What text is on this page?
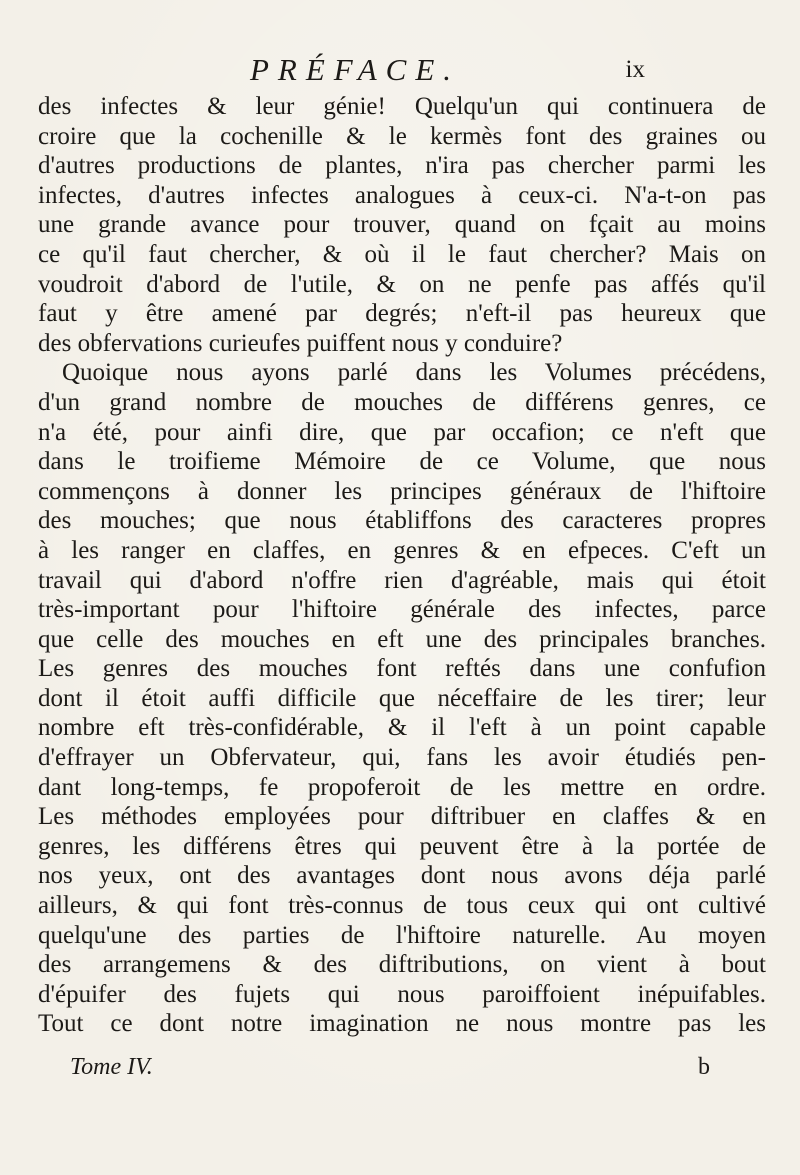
PRÉFACE.	ix
des infectes & leur génie! Quelqu'un qui continuera de
croire que la cochenille & le kermès font des graines ou
d'autres productions de plantes, n'ira pas chercher parmi les
infectes, d'autres infectes analogues à ceux-ci. N'a-t-on pas
une grande avance pour trouver, quand on fçait au moins
ce qu'il faut chercher, & où il le faut chercher? Mais on
voudroit d'abord de l'utile, & on ne penfe pas affés qu'il
faut y être amené par degrés; n'eft-il pas heureux que
des obfervations curieufes puiffent nous y conduire?
Quoique nous ayons parlé dans les Volumes précédens,
d'un grand nombre de mouches de différens genres, ce
n'a été, pour ainfi dire, que par occafion; ce n'eft que
dans le troifieme Mémoire de ce Volume, que nous
commençons à donner les principes généraux de l'hiftoire
des mouches; que nous établiffons des caracteres propres
à les ranger en claffes, en genres & en efpeces. C'eft un
travail qui d'abord n'offre rien d'agréable, mais qui étoit
très-important pour l'hiftoire générale des infectes, parce
que celle des mouches en eft une des principales branches.
Les genres des mouches font reftés dans une confufion
dont il étoit auffi difficile que néceffaire de les tirer; leur
nombre eft très-confidérable, & il l'eft à un point capable
d'effrayer un Obfervateur, qui, fans les avoir étudiés pen-
dant long-temps, fe propoferoit de les mettre en ordre.
Les méthodes employées pour diftribuer en claffes & en
genres, les différens êtres qui peuvent être à la portée de
nos yeux, ont des avantages dont nous avons déja parlé
ailleurs, & qui font très-connus de tous ceux qui ont cultivé
quelqu'une des parties de l'hiftoire naturelle. Au moyen
des arrangemens & des diftributions, on vient à bout
d'épuifer des fujets qui nous paroiffoient inépuifables.
Tout ce dont notre imagination ne nous montre pas les
Tome IV.	b
